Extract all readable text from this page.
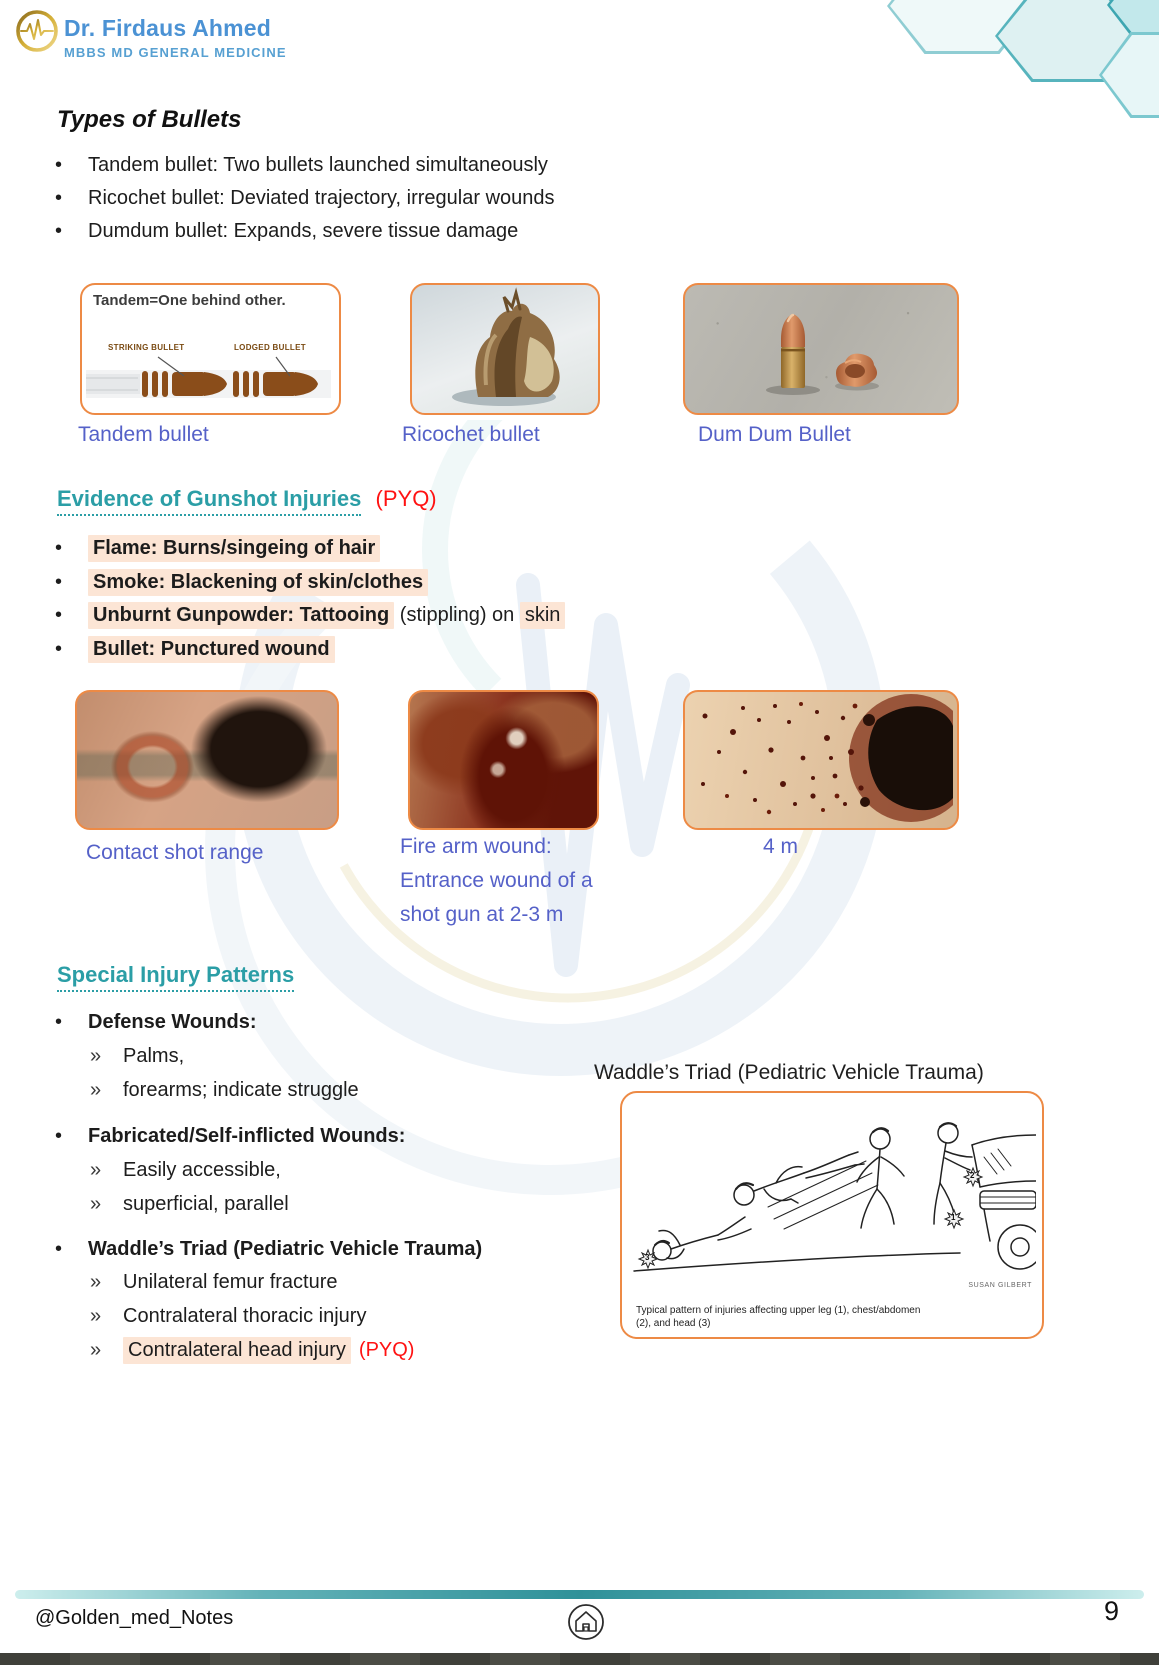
Dr. Firdaus Ahmed
MBBS MD GENERAL MEDICINE
Types of Bullets
•	Tandem bullet: Two bullets launched simultaneously
•	Ricochet bullet: Deviated trajectory, irregular wounds
•	Dumdum bullet: Expands, severe tissue damage
Tandem=One behind other.
STRIKING BULLET	LODGED BULLET
Tandem bullet	Ricochet bullet	Dum Dum Bullet
Evidence of Gunshot Injuries (PYQ)
•	Flame: Burns/singeing of hair
•	Smoke: Blackening of skin/clothes
•	Unburnt Gunpowder: Tattooing (stippling) on skin
•	Bullet: Punctured wound
Contact shot range	Fire arm wound:
Entrance wound of a
shot gun at 2-3 m
4 m
Special Injury Patterns
•	Defense Wounds:
»	Palms,
»	forearms; indicate struggle
•	Fabricated/Self-inflicted Wounds:
»	Easily accessible,
»	superficial, parallel
•	Waddle’s Triad (Pediatric Vehicle Trauma)
»	Unilateral femur fracture
»	Contralateral thoracic injury
»	Contralateral head injury (PYQ)
Waddle’s Triad (Pediatric Vehicle Trauma)
1
2
3
Typical pattern of injuries affecting upper leg (1), chest/abdomen (2), and head (3)
SUSAN GILBERT
@Golden_med_Notes	9
